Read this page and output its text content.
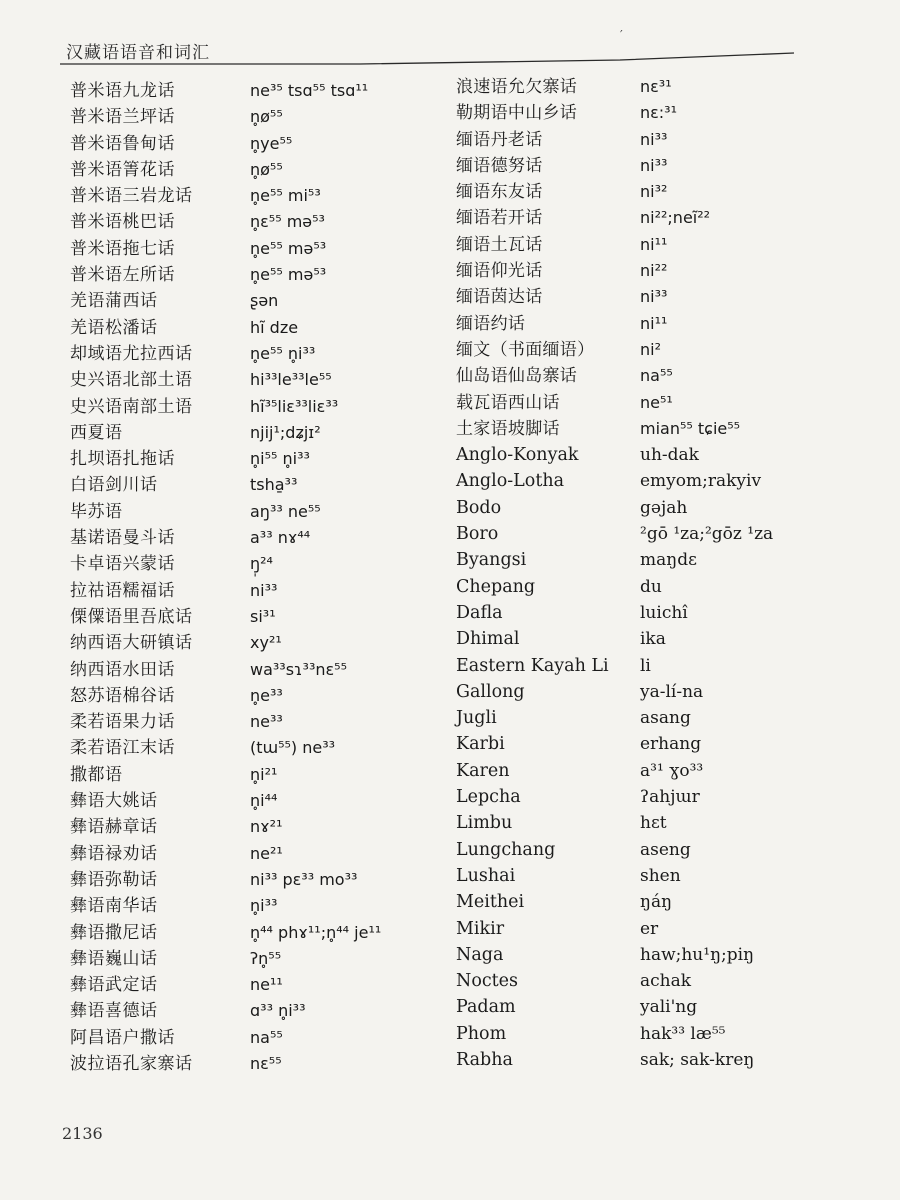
汉藏语语音和词汇
′
普米语九龙话	ne³⁵ tsɑ⁵⁵ tsɑ¹¹
普米语兰坪话	n̥ø⁵⁵
普米语鲁甸话	n̥ye⁵⁵
普米语箐花话	n̥ø⁵⁵
普米语三岩龙话	n̥e⁵⁵ mi⁵³
普米语桃巴话	n̥ɛ⁵⁵ mə⁵³
普米语拖七话	n̥e⁵⁵ mə⁵³
普米语左所话	n̥e⁵⁵ mə⁵³
羌语蒲西话	ʂən
羌语松潘话	hĩ dze
却域语尤拉西话	n̥e⁵⁵ n̥i³³
史兴语北部土语	hi³³le³³le⁵⁵
史兴语南部土语	hĩ³⁵liɛ³³liɛ³³
西夏语	njij¹;dʑjɪ²
扎坝语扎拖话	n̥i⁵⁵ n̥i³³
白语剑川话	tsha̱³³
毕苏语	aŋ³³ ne⁵⁵
基诺语曼斗话	a³³ nɤ⁴⁴
卡卓语兴蒙话	ŋ̩²⁴
拉祜语糯福话	ni³³
傈僳语里吾底话	si³¹
纳西语大研镇话	xy²¹
纳西语水田话	wa³³sɿ³³nɛ⁵⁵
怒苏语棉谷话	n̥e³³
柔若语果力话	ne³³
柔若语江末话	(tɯ⁵⁵) ne³³
撒都语	n̥i²¹
彝语大姚话	n̥i⁴⁴
彝语赫章话	nɤ²¹
彝语禄劝话	ne²¹
彝语弥勒话	ni³³ pɛ³³ mo³³
彝语南华话	n̥i³³
彝语撒尼话	n̥⁴⁴ phɤ¹¹;n̥⁴⁴ je¹¹
彝语巍山话	ʔn̥⁵⁵
彝语武定话	ne¹¹
彝语喜德话	ɑ³³ n̥i³³
阿昌语户撒话	na⁵⁵
波拉语孔家寨话	nɛ⁵⁵
浪速语允欠寨话	nɛ³¹
勒期语中山乡话	nɛ:³¹
缅语丹老话	ni³³
缅语德努话	ni³³
缅语东友话	ni³²
缅语若开话	ni²²;neĩ²²
缅语土瓦话	ni¹¹
缅语仰光话	ni²²
缅语茵达话	ni³³
缅语约话	ni¹¹
缅文（书面缅语）	ni²
仙岛语仙岛寨话	na⁵⁵
载瓦语西山话	ne⁵¹
土家语坡脚话	mian⁵⁵ tɕie⁵⁵
Anglo-Konyak	uh-dak
Anglo-Lotha	emyom;rakyiv
Bodo	gəjah
Boro	²gō ¹za;²gōz ¹za
Byangsi	maŋdɛ
Chepang	du
Dafla	luichî
Dhimal	ika
Eastern Kayah Li	li
Gallong	ya-lí-na
Jugli	asang
Karbi	erhang
Karen	a³¹ ɣo³³
Lepcha	ʔahjɯr
Limbu	hɛt
Lungchang	aseng
Lushai	shen
Meithei	ŋáŋ
Mikir	er
Naga	haw;hu¹ŋ;piŋ
Noctes	achak
Padam	yali'ng
Phom	hak³³ læ⁵⁵
Rabha	sak; sak-kreŋ
2136
